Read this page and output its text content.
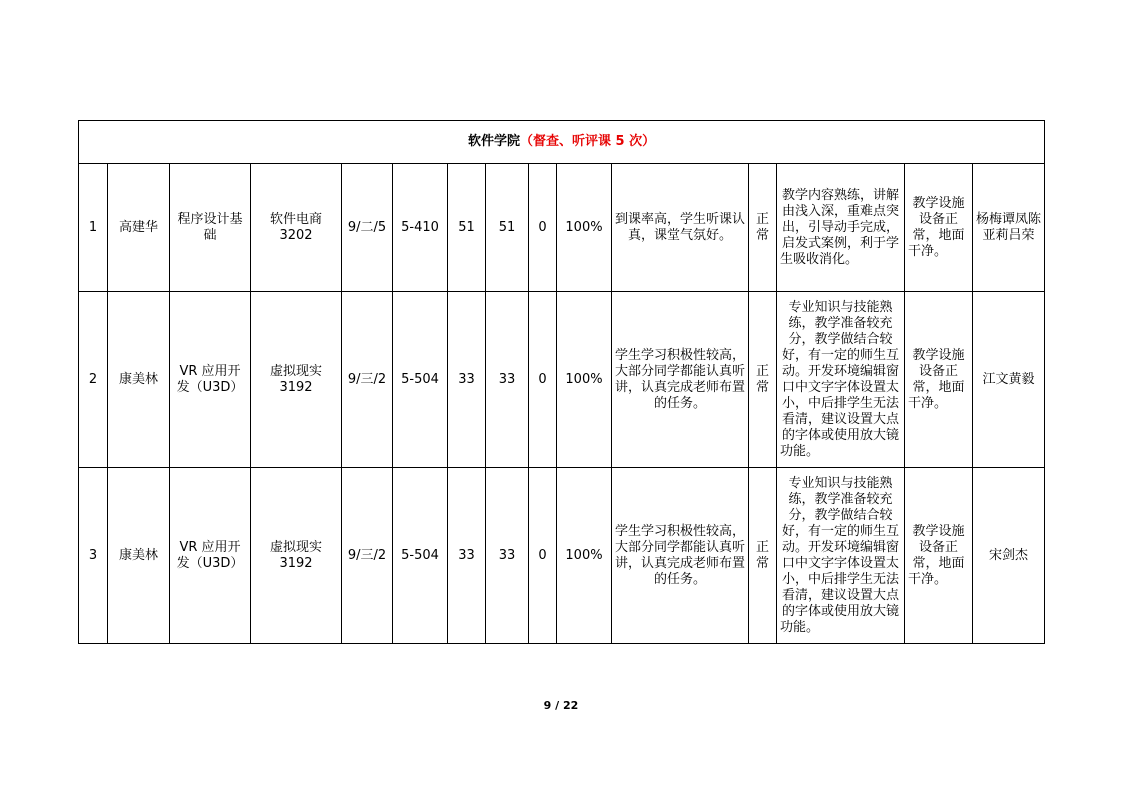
软件学院（督查、听评课 5 次）														
1	高建华	程序设计基础	软件电商3202	9/二/5	5-410	51	51	0	100%	到课率高，学生听课认真，课堂气氛好。	正常	教学内容熟练，讲解由浅入深，重难点突出，引导动手完成，启发式案例，利于学生吸收消化。	教学设施设备正常，地面干净。	杨梅谭凤陈亚莉吕荣
2	康美林	VR 应用开发（U3D）	虚拟现实3192	9/三/2	5-504	33	33	0	100%	学生学习积极性较高，大部分同学都能认真听讲，认真完成老师布置的任务。	正常	专业知识与技能熟练，教学准备较充分，教学做结合较好，有一定的师生互动。开发环境编辑窗口中文字字体设置太小，中后排学生无法看清，建议设置大点的字体或使用放大镜功能。	教学设施设备正常，地面干净。	江文黄毅
3	康美林	VR 应用开发（U3D）	虚拟现实3192	9/三/2	5-504	33	33	0	100%	学生学习积极性较高，大部分同学都能认真听讲，认真完成老师布置的任务。	正常	专业知识与技能熟练，教学准备较充分，教学做结合较好，有一定的师生互动。开发环境编辑窗口中文字字体设置太小，中后排学生无法看清，建议设置大点的字体或使用放大镜功能。	教学设施设备正常，地面干净。	宋剑杰
9 / 22
